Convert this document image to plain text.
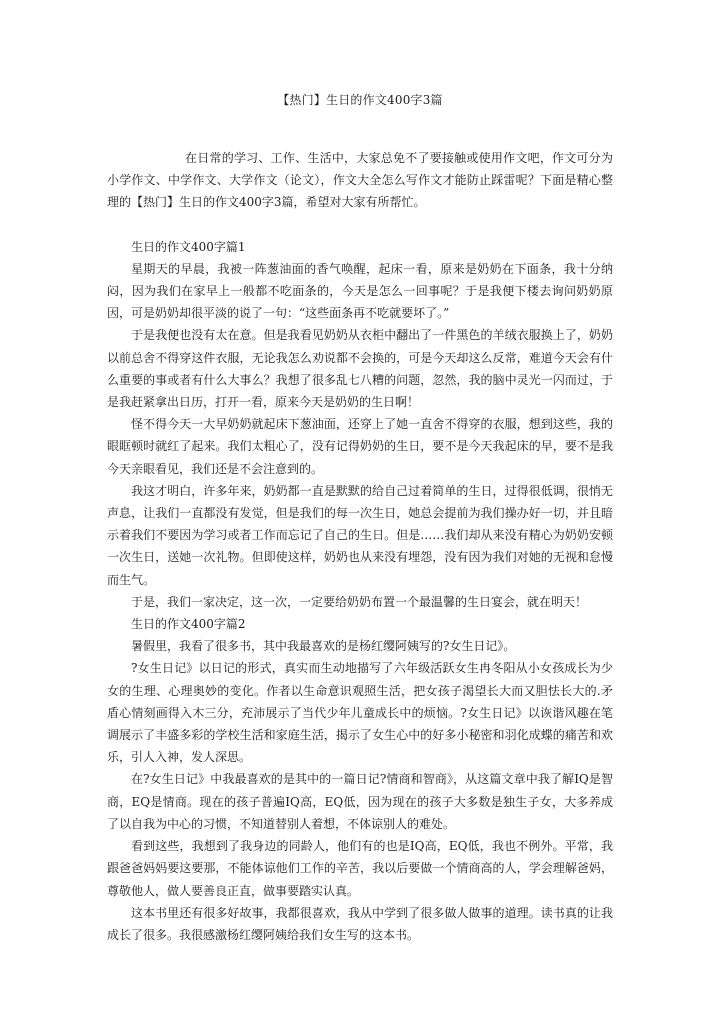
【热门】生日的作文400字3篇

在日常的学习、工作、生活中，大家总免不了要接触或使用作文吧，作文可分为小学作文、中学作文、大学作文（论文），作文大全怎么写作文才能防止踩雷呢？下面是精心整理的【热门】生日的作文400字3篇，希望对大家有所帮忙。

生日的作文400字篇1

星期天的早晨，我被一阵葱油面的香气唤醒，起床一看，原来是奶奶在下面条，我十分纳闷，因为我们在家早上一般都不吃面条的，今天是怎么一回事呢？于是我便下楼去询问奶奶原因，可是奶奶却很平淡的说了一句：“这些面条再不吃就要坏了。”

于是我便也没有太在意。但是我看见奶奶从衣柜中翻出了一件黑色的羊绒衣服换上了，奶奶以前总舍不得穿这件衣服，无论我怎么劝说都不会换的，可是今天却这么反常，难道今天会有什么重要的事或者有什么大事么？我想了很多乱七八糟的问题，忽然，我的脑中灵光一闪而过，于是我赶紧拿出日历，打开一看，原来今天是奶奶的生日啊！

怪不得今天一大早奶奶就起床下葱油面，还穿上了她一直舍不得穿的衣服，想到这些，我的眼眶顿时就红了起来。我们太粗心了，没有记得奶奶的生日，要不是今天我起床的早，要不是我今天亲眼看见，我们还是不会注意到的。

我这才明白，许多年来，奶奶都一直是默默的给自己过着简单的生日，过得很低调，很悄无声息，让我们一直都没有发觉，但是我们的每一次生日，她总会提前为我们操办好一切，并且暗示着我们不要因为学习或者工作而忘记了自己的生日。但是……我们却从来没有精心为奶奶安顿一次生日，送她一次礼物。但即使这样，奶奶也从来没有埋怨，没有因为我们对她的无视和怠慢而生气。

于是，我们一家决定，这一次，一定要给奶奶布置一个最温馨的生日宴会，就在明天！

生日的作文400字篇2

暑假里，我看了很多书，其中我最喜欢的是杨红缨阿姨写的?女生日记》。

?女生日记》以日记的形式，真实而生动地描写了六年级活跃女生冉冬阳从小女孩成长为少女的生理、心理奥妙的变化。作者以生命意识观照生活，把女孩子渴望长大而又胆怯长大的.矛盾心情刻画得入木三分，充沛展示了当代少年儿童成长中的烦恼。?女生日记》以诙谐风趣在笔调展示了丰盛多彩的学校生活和家庭生活，揭示了女生心中的好多小秘密和羽化成蝶的痛苦和欢乐，引人入神，发人深思。

在?女生日记》中我最喜欢的是其中的一篇日记?情商和智商》，从这篇文章中我了解IQ是智商，EQ是情商。现在的孩子普遍IQ高，EQ低，因为现在的孩子大多数是独生子女，大多养成了以自我为中心的习惯，不知道替别人着想，不体谅别人的难处。

看到这些，我想到了我身边的同龄人，他们有的也是IQ高，EQ低，我也不例外。平常，我跟爸爸妈妈要这要那，不能体谅他们工作的辛苦，我以后要做一个情商高的人，学会理解爸妈，尊敬他人，做人要善良正直，做事要踏实认真。

这本书里还有很多好故事，我都很喜欢，我从中学到了很多做人做事的道理。读书真的让我成长了很多。我很感激杨红缨阿姨给我们女生写的这本书。
